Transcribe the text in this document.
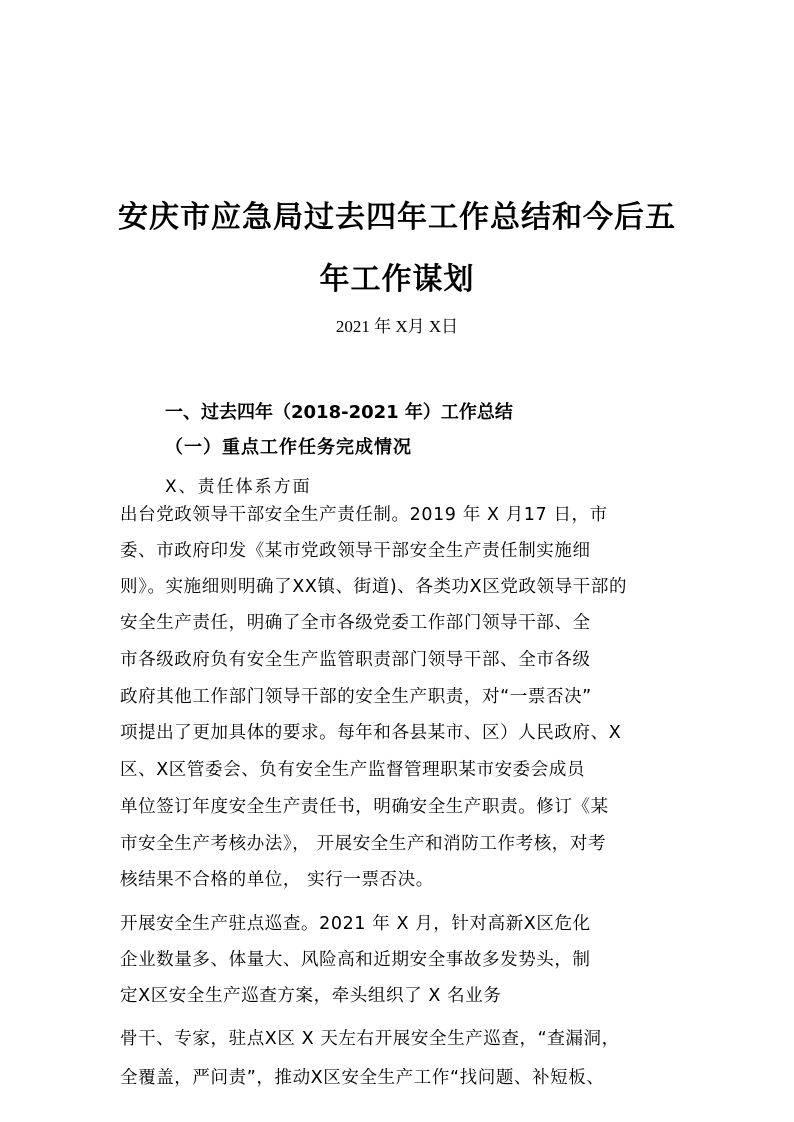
安庆市应急局过去四年工作总结和今后五
年工作谋划
2021 年 X月 X日
一、过去四年（2018-2021 年）工作总结
（一）重点工作任务完成情况
X、责任体系方面
出台党政领导干部安全生产责任制。2019 年 X 月17 日，市
委、市政府印发《某市党政领导干部安全生产责任制实施细
则》。实施细则明确了XX镇、街道)、各类功X区党政领导干部的
安全生产责任，明确了全市各级党委工作部门领导干部、全
市各级政府负有安全生产监管职责部门领导干部、全市各级
政府其他工作部门领导干部的安全生产职责，对“一票否决”
项提出了更加具体的要求。每年和各县某市、区）人民政府、X
区、X区管委会、负有安全生产监督管理职某市安委会成员
单位签订年度安全生产责任书，明确安全生产职责。修订《某
市安全生产考核办法》， 开展安全生产和消防工作考核，对考
核结果不合格的单位， 实行一票否决。
开展安全生产驻点巡查。2021 年 X 月，针对高新X区危化
企业数量多、体量大、风险高和近期安全事故多发势头，制
定X区安全生产巡查方案，牵头组织了 X 名业务
骨干、专家，驻点X区 X 天左右开展安全生产巡查，“查漏洞，
全覆盖，严问责”，推动X区安全生产工作“找问题、补短板、
